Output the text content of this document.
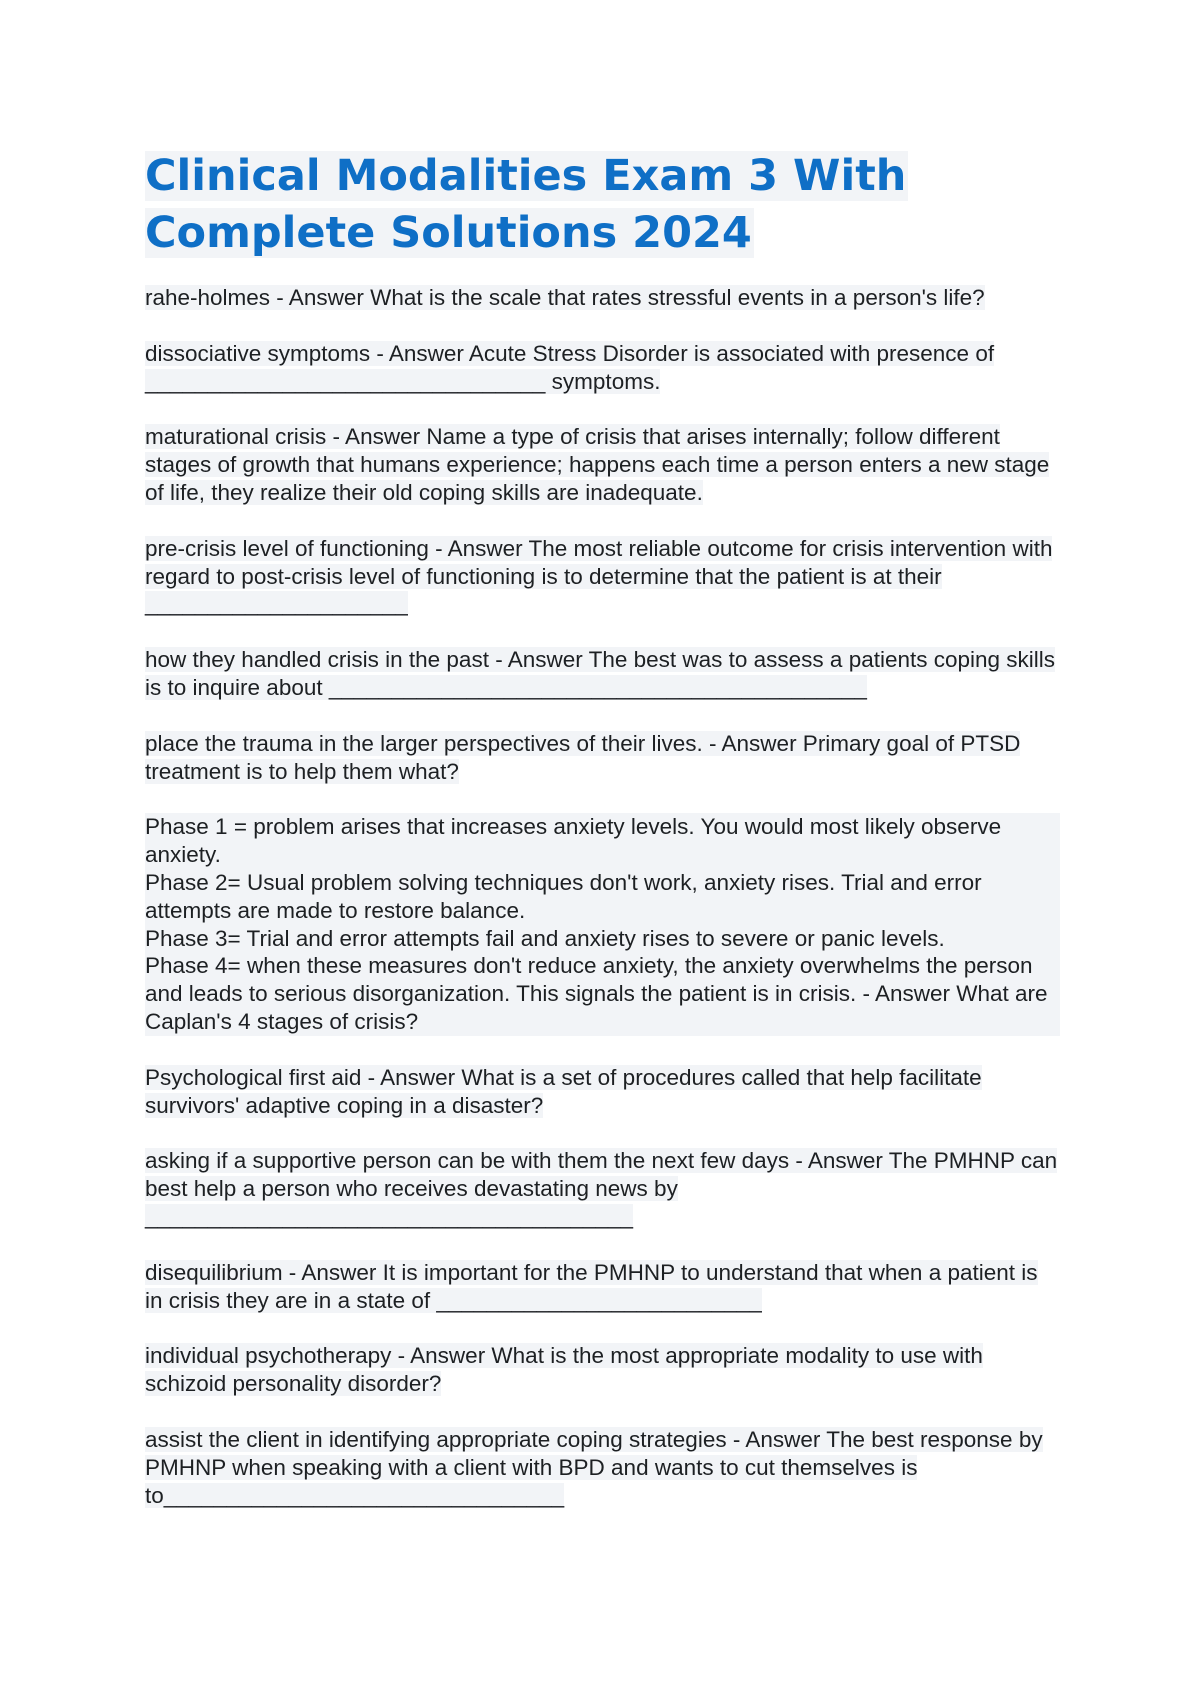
Clinical Modalities Exam 3 With
Complete Solutions 2024

rahe-holmes - Answer What is the scale that rates stressful events in a person's life?

dissociative symptoms - Answer Acute Stress Disorder is associated with presence of ________________________________ symptoms.

maturational crisis - Answer Name a type of crisis that arises internally; follow different stages of growth that humans experience; happens each time a person enters a new stage of life, they realize their old coping skills are inadequate.

pre-crisis level of functioning - Answer The most reliable outcome for crisis intervention with regard to post-crisis level of functioning is to determine that the patient is at their _____________________

how they handled crisis in the past - Answer The best was to assess a patients coping skills is to inquire about ___________________________________________

place the trauma in the larger perspectives of their lives. - Answer Primary goal of PTSD treatment is to help them what?

Phase 1 = problem arises that increases anxiety levels. You would most likely observe anxiety.
Phase 2= Usual problem solving techniques don't work, anxiety rises. Trial and error attempts are made to restore balance.
Phase 3= Trial and error attempts fail and anxiety rises to severe or panic levels.
Phase 4= when these measures don't reduce anxiety, the anxiety overwhelms the person and leads to serious disorganization. This signals the patient is in crisis. - Answer What are Caplan's 4 stages of crisis?

Psychological first aid - Answer What is a set of procedures called that help facilitate survivors' adaptive coping in a disaster?

asking if a supportive person can be with them the next few days - Answer The PMHNP can best help a person who receives devastating news by _______________________________________

disequilibrium - Answer It is important for the PMHNP to understand that when a patient is in crisis they are in a state of __________________________

individual psychotherapy - Answer What is the most appropriate modality to use with schizoid personality disorder?

assist the client in identifying appropriate coping strategies - Answer The best response by PMHNP when speaking with a client with BPD and wants to cut themselves is to________________________________
